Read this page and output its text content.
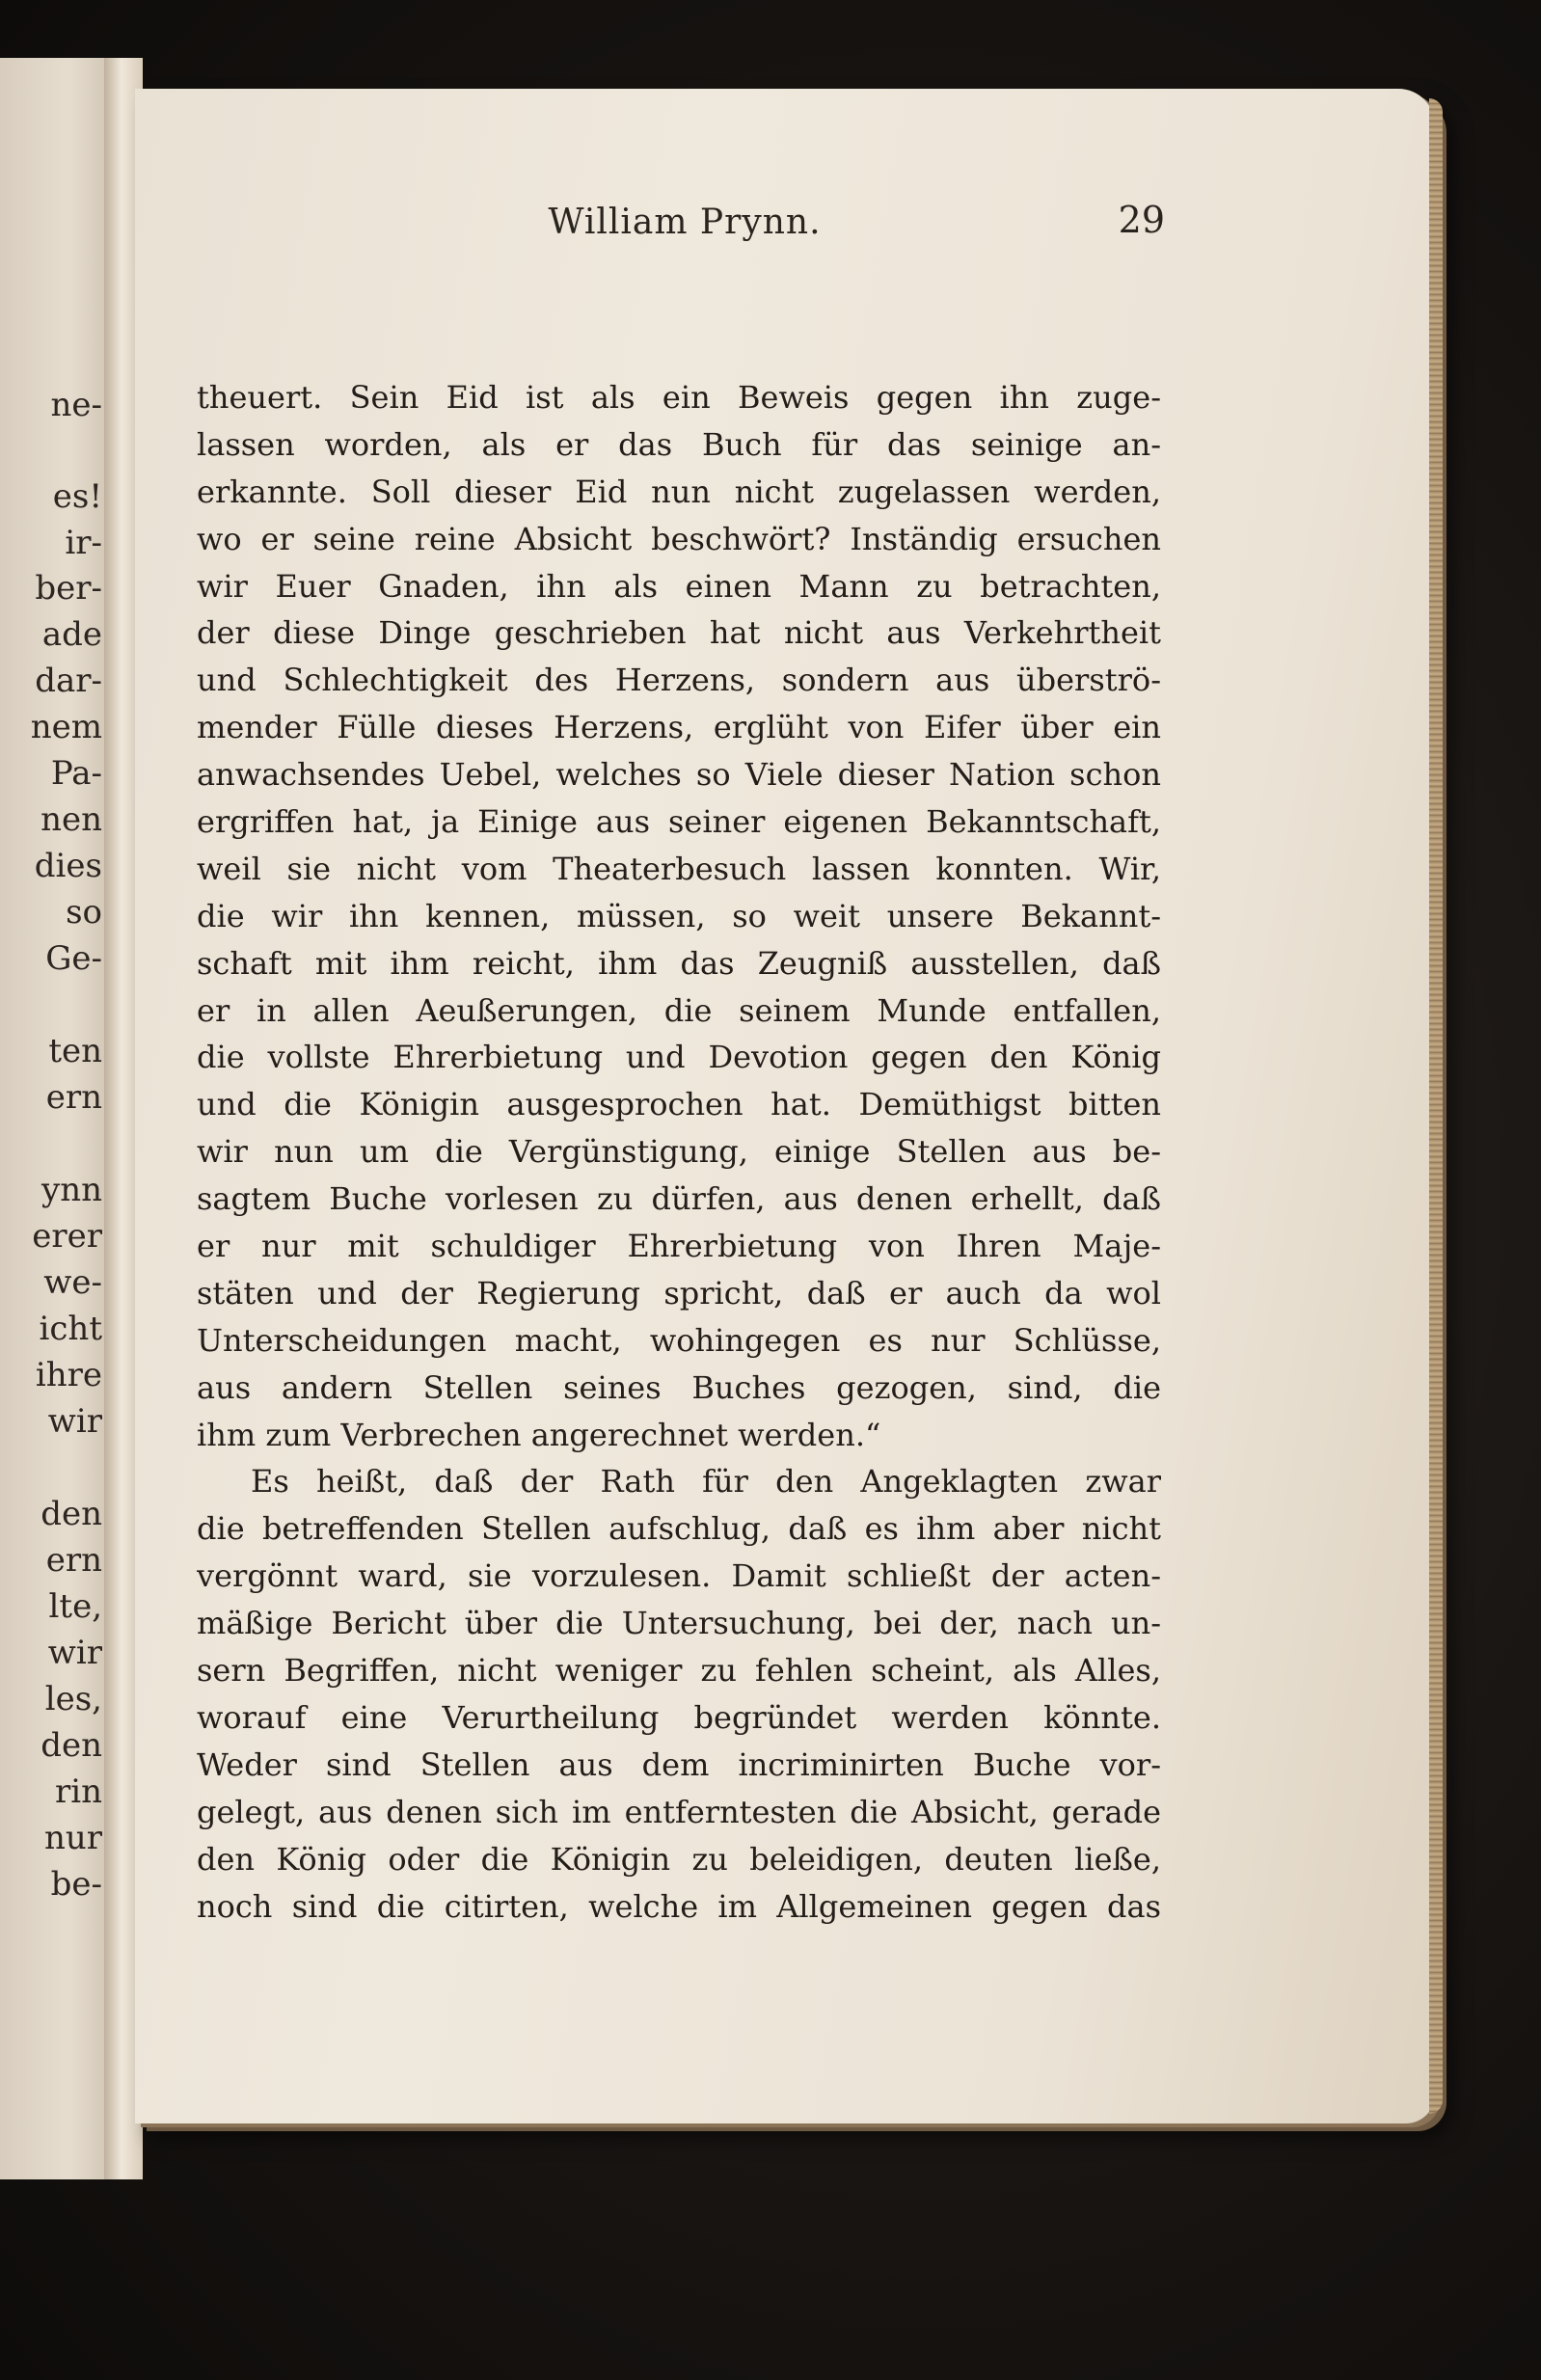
ne-
es!
ir-
ber-
ade
dar-
nem
Pa-
nen
dies
so
Ge-
ten
ern
ynn
erer
we-
icht
ihre
wir
den
ern
lte,
wir
les,
den
rin
nur
be-
William Prynn.	29
theuert. Sein Eid ist als ein Beweis gegen ihn zuge-
lassen worden, als er das Buch für das seinige an-
erkannte. Soll dieser Eid nun nicht zugelassen werden,
wo er seine reine Absicht beschwört? Inständig ersuchen
wir Euer Gnaden, ihn als einen Mann zu betrachten,
der diese Dinge geschrieben hat nicht aus Verkehrtheit
und Schlechtigkeit des Herzens, sondern aus überströ-
mender Fülle dieses Herzens, erglüht von Eifer über ein
anwachsendes Uebel, welches so Viele dieser Nation schon
ergriffen hat, ja Einige aus seiner eigenen Bekanntschaft,
weil sie nicht vom Theaterbesuch lassen konnten. Wir,
die wir ihn kennen, müssen, so weit unsere Bekannt-
schaft mit ihm reicht, ihm das Zeugniß ausstellen, daß
er in allen Aeußerungen, die seinem Munde entfallen,
die vollste Ehrerbietung und Devotion gegen den König
und die Königin ausgesprochen hat. Demüthigst bitten
wir nun um die Vergünstigung, einige Stellen aus be-
sagtem Buche vorlesen zu dürfen, aus denen erhellt, daß
er nur mit schuldiger Ehrerbietung von Ihren Maje-
stäten und der Regierung spricht, daß er auch da wol
Unterscheidungen macht, wohingegen es nur Schlüsse,
aus andern Stellen seines Buches gezogen, sind, die
ihm zum Verbrechen angerechnet werden.“
Es heißt, daß der Rath für den Angeklagten zwar
die betreffenden Stellen aufschlug, daß es ihm aber nicht
vergönnt ward, sie vorzulesen. Damit schließt der acten-
mäßige Bericht über die Untersuchung, bei der, nach un-
sern Begriffen, nicht weniger zu fehlen scheint, als Alles,
worauf eine Verurtheilung begründet werden könnte.
Weder sind Stellen aus dem incriminirten Buche vor-
gelegt, aus denen sich im entferntesten die Absicht, gerade
den König oder die Königin zu beleidigen, deuten ließe,
noch sind die citirten, welche im Allgemeinen gegen das
